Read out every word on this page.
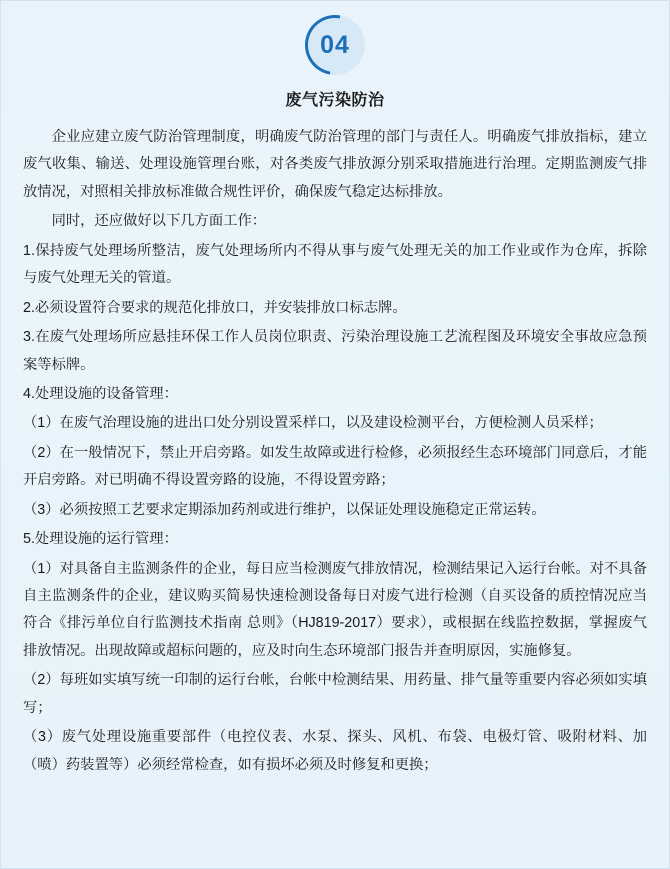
04
废气污染防治

企业应建立废气防治管理制度，明确废气防治管理的部门与责任人。明确废气排放指标，建立废气收集、输送、处理设施管理台账，对各类废气排放源分别采取措施进行治理。定期监测废气排放情况，对照相关排放标准做合规性评价，确保废气稳定达标排放。

同时，还应做好以下几方面工作：

1.保持废气处理场所整洁，废气处理场所内不得从事与废气处理无关的加工作业或作为仓库，拆除与废气处理无关的管道。

2.必须设置符合要求的规范化排放口，并安装排放口标志牌。

3.在废气处理场所应悬挂环保工作人员岗位职责、污染治理设施工艺流程图及环境安全事故应急预案等标牌。

4.处理设施的设备管理：

（1）在废气治理设施的进出口处分别设置采样口，以及建设检测平台，方便检测人员采样；

（2）在一般情况下，禁止开启旁路。如发生故障或进行检修，必须报经生态环境部门同意后，才能开启旁路。对已明确不得设置旁路的设施，不得设置旁路；

（3）必须按照工艺要求定期添加药剂或进行维护，以保证处理设施稳定正常运转。

5.处理设施的运行管理：

（1）对具备自主监测条件的企业，每日应当检测废气排放情况，检测结果记入运行台帐。对不具备自主监测条件的企业，建议购买简易快速检测设备每日对废气进行检测（自买设备的质控情况应当符合《排污单位自行监测技术指南 总则》（HJ819-2017）要求），或根据在线监控数据，掌握废气排放情况。出现故障或超标问题的，应及时向生态环境部门报告并查明原因，实施修复。

（2）每班如实填写统一印制的运行台帐，台帐中检测结果、用药量、排气量等重要内容必须如实填写；

（3）废气处理设施重要部件（电控仪表、水泵、探头、风机、布袋、电极灯管、吸附材料、加（喷）药装置等）必须经常检查，如有损坏必须及时修复和更换；
